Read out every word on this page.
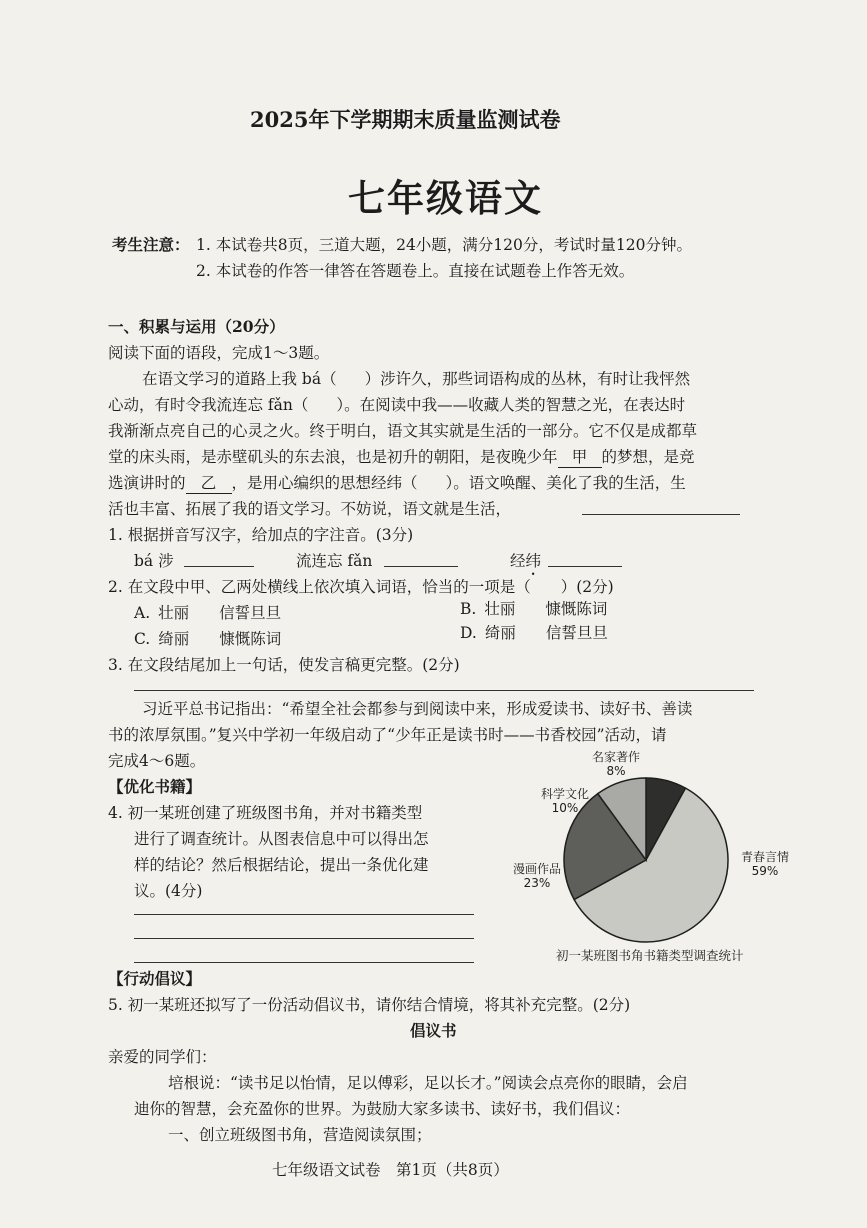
2025年下学期期末质量监测试卷
七年级语文
考生注意： 1. 本试卷共8页，三道大题，24小题，满分120分，考试时量120分钟。
2. 本试卷的作答一律答在答题卷上。直接在试题卷上作答无效。
一、积累与运用（20分）
阅读下面的语段，完成1～3题。
在语文学习的道路上我 bá（ ）涉许久，那些词语构成的丛林，有时让我怦然
心动，有时令我流连忘 fǎn（ ）。在阅读中我——收藏人类的智慧之光，在表达时
我渐渐点亮自己的心灵之火。终于明白，语文其实就是生活的一部分。它不仅是成都草
堂的床头雨，是赤壁矶头的东去浪，也是初升的朝阳，是夜晚少年 甲 的梦想，是竞
选演讲时的 乙 ，是用心编织的思想经纬（ ）。语文唤醒、美化了我的生活，生
活也丰富、拓展了我的语文学习。不妨说，语文就是生活，
1. 根据拼音写汉字，给加点的字注音。(3分)
bá 涉	流连忘 fǎn	经纬
2. 在文段中甲、乙两处横线上依次填入词语，恰当的一项是（ ）(2分)
A. 壮丽 信誓旦旦	B. 壮丽 慷慨陈词
C. 绮丽 慷慨陈词	D. 绮丽 信誓旦旦
3. 在文段结尾加上一句话，使发言稿更完整。(2分)
习近平总书记指出：“希望全社会都参与到阅读中来，形成爱读书、读好书、善读
书的浓厚氛围。”复兴中学初一年级启动了“少年正是读书时——书香校园”活动，请
完成4～6题。
【优化书籍】
4. 初一某班创建了班级图书角，并对书籍类型
进行了调查统计。从图表信息中可以得出怎
样的结论？然后根据结论，提出一条优化建
议。(4分)
名家著作
8%
科学文化
10%
漫画作品
23%
青春言情
59%
初一某班图书角书籍类型调查统计
【行动倡议】
5. 初一某班还拟写了一份活动倡议书，请你结合情境，将其补充完整。(2分)
倡议书
亲爱的同学们：
培根说：“读书足以怡情，足以傅彩，足以长才。”阅读会点亮你的眼睛，会启
迪你的智慧，会充盈你的世界。为鼓励大家多读书、读好书，我们倡议：
一、创立班级图书角，营造阅读氛围；
七年级语文试卷　第1页（共8页）
